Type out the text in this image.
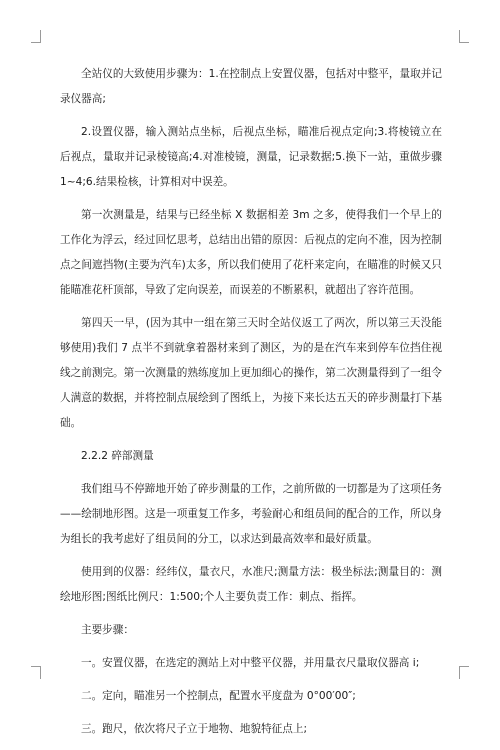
全站仪的大致使用步骤为：1.在控制点上安置仪器，包括对中整平，量取并记录仪器高;

2.设置仪器，输入测站点坐标，后视点坐标，瞄准后视点定向;3.将棱镜立在后视点，量取并记录棱镜高;4.对准棱镜，测量，记录数据;5.换下一站，重做步骤 1~4;6.结果检核，计算相对中误差。

第一次测量是，结果与已经坐标 X 数据相差 3m 之多，使得我们一个早上的工作化为浮云，经过回忆思考，总结出出错的原因：后视点的定向不准，因为控制点之间遮挡物(主要为汽车)太多，所以我们使用了花杆来定向，在瞄准的时候又只能瞄准花杆顶部，导致了定向误差，而误差的不断累积，就超出了容许范围。

第四天一早，(因为其中一组在第三天时全站仪返工了两次，所以第三天没能够使用)我们 7 点半不到就拿着器材来到了测区，为的是在汽车来到停车位挡住视线之前测完。第一次测量的熟练度加上更加细心的操作，第二次测量得到了一组令人满意的数据，并将控制点展绘到了图纸上，为接下来长达五天的碎步测量打下基础。

2.2.2 碎部测量

我们组马不停蹄地开始了碎步测量的工作，之前所做的一切都是为了这项任务——绘制地形图。这是一项重复工作多，考验耐心和组员间的配合的工作，所以身为组长的我考虑好了组员间的分工，以求达到最高效率和最好质量。

使用到的仪器：经纬仪，量衣尺，水准尺;测量方法：极坐标法;测量目的：测绘地形图;图纸比例尺：1:500;个人主要负责工作：刺点、指挥。

主要步骤：

一。安置仪器，在选定的测站上对中整平仪器，并用量衣尺量取仪器高 i;

二。定向，瞄准另一个控制点，配置水平度盘为 0°00′00″;

三。跑尺，依次将尺子立于地物、地貌特征点上;
